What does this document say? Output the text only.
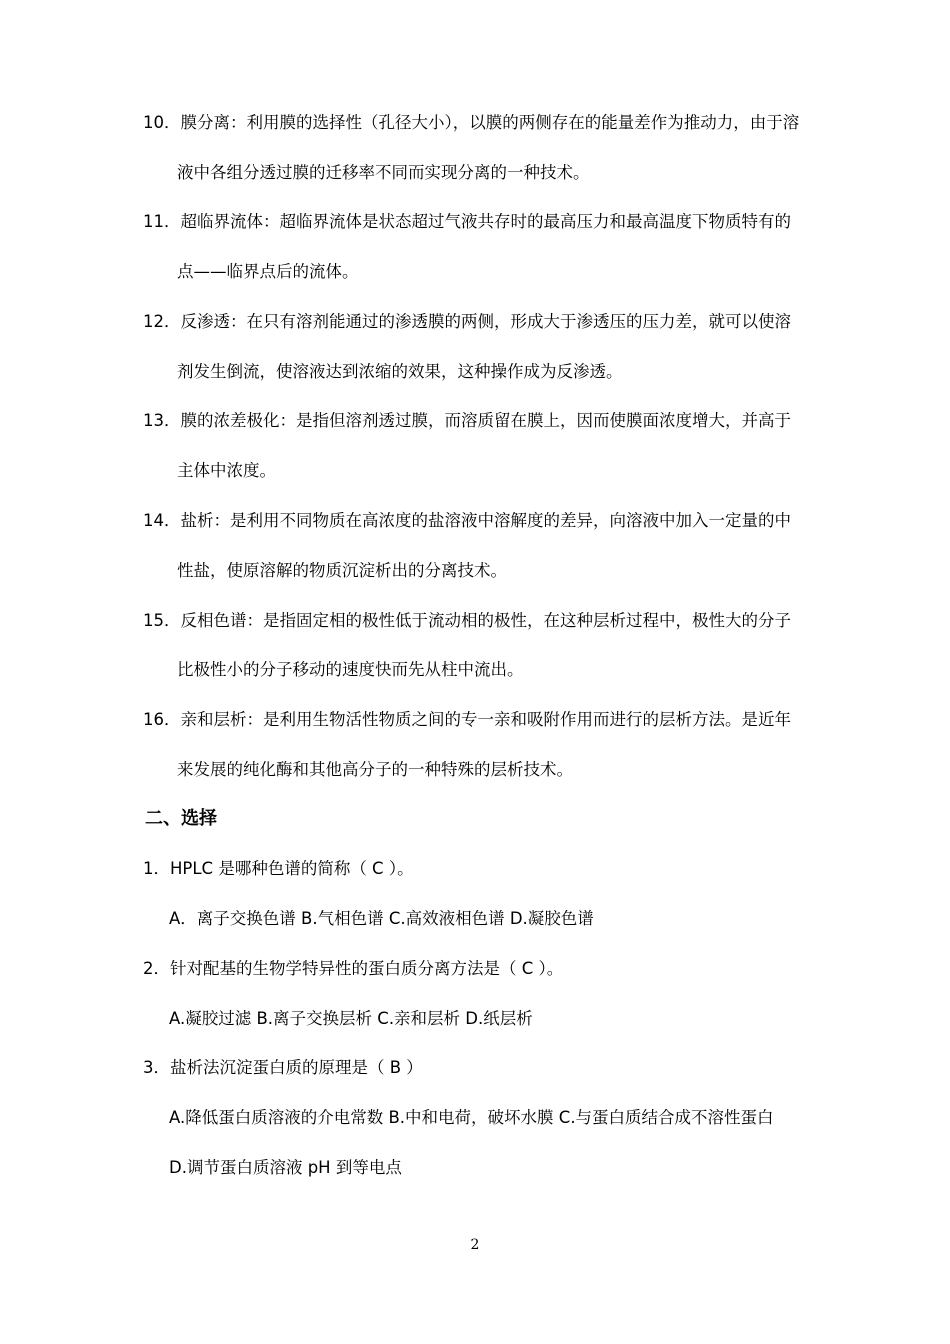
10．膜分离：利用膜的选择性（孔径大小），以膜的两侧存在的能量差作为推动力，由于溶
液中各组分透过膜的迁移率不同而实现分离的一种技术。
11．超临界流体：超临界流体是状态超过气液共存时的最高压力和最高温度下物质特有的
点——临界点后的流体。
12．反渗透：在只有溶剂能通过的渗透膜的两侧，形成大于渗透压的压力差，就可以使溶
剂发生倒流，使溶液达到浓缩的效果，这种操作成为反渗透。
13．膜的浓差极化：是指但溶剂透过膜，而溶质留在膜上，因而使膜面浓度增大，并高于
主体中浓度。
14．盐析：是利用不同物质在高浓度的盐溶液中溶解度的差异，向溶液中加入一定量的中
性盐，使原溶解的物质沉淀析出的分离技术。
15．反相色谱：是指固定相的极性低于流动相的极性，在这种层析过程中，极性大的分子
比极性小的分子移动的速度快而先从柱中流出。
16．亲和层析：是利用生物活性物质之间的专一亲和吸附作用而进行的层析方法。是近年
来发展的纯化酶和其他高分子的一种特殊的层析技术。
二、选择
1．HPLC 是哪种色谱的简称（ C ）。
A．离子交换色谱 B.气相色谱 C.高效液相色谱 D.凝胶色谱
2．针对配基的生物学特异性的蛋白质分离方法是（ C ）。
A.凝胶过滤 B.离子交换层析 C.亲和层析 D.纸层析
3．盐析法沉淀蛋白质的原理是（ B ）
A.降低蛋白质溶液的介电常数 B.中和电荷，破坏水膜 C.与蛋白质结合成不溶性蛋白
D.调节蛋白质溶液 pH 到等电点
2
